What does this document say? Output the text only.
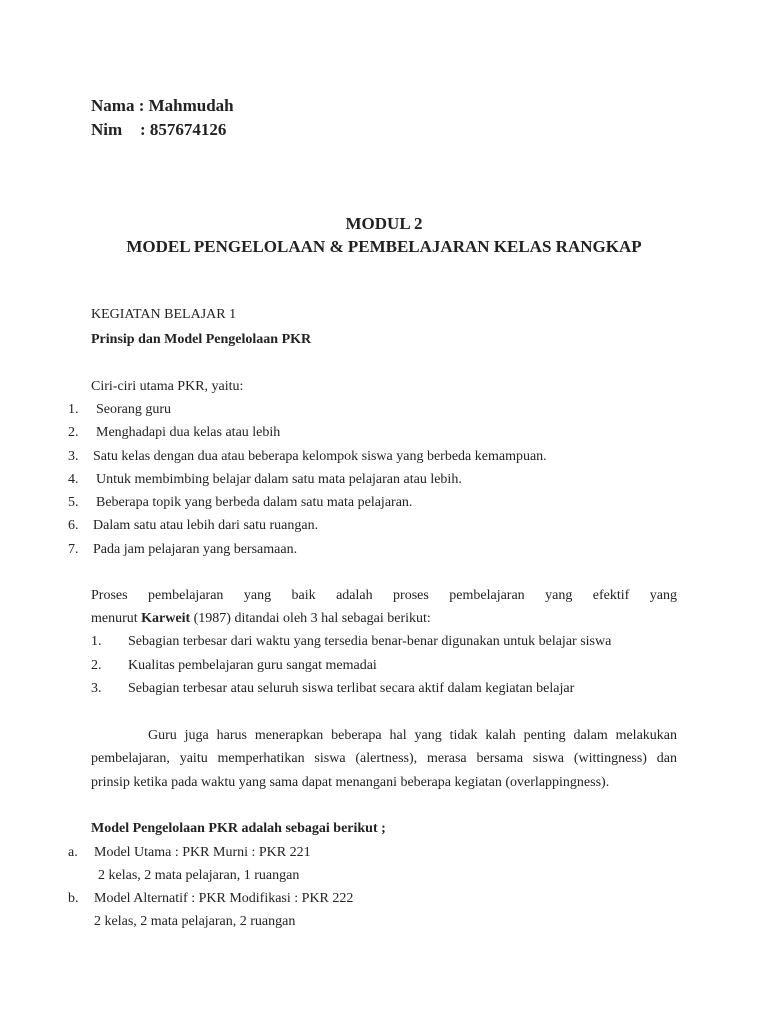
Nama : Mahmudah
Nim : 857674126
MODUL 2
MODEL PENGELOLAAN & PEMBELAJARAN KELAS RANGKAP
KEGIATAN BELAJAR 1
Prinsip dan Model Pengelolaan PKR
Ciri-ciri utama PKR, yaitu:
1. Seorang guru
2. Menghadapi dua kelas atau lebih
3. Satu kelas dengan dua atau beberapa kelompok siswa yang berbeda kemampuan.
4. Untuk membimbing belajar dalam satu mata pelajaran atau lebih.
5. Beberapa topik yang berbeda dalam satu mata pelajaran.
6. Dalam satu atau lebih dari satu ruangan.
7. Pada jam pelajaran yang bersamaan.
Proses pembelajaran yang baik adalah proses pembelajaran yang efektif yang
menurut Karweit (1987) ditandai oleh 3 hal sebagai berikut:
1. Sebagian terbesar dari waktu yang tersedia benar-benar digunakan untuk belajar siswa
2. Kualitas pembelajaran guru sangat memadai
3. Sebagian terbesar atau seluruh siswa terlibat secara aktif dalam kegiatan belajar
Guru juga harus menerapkan beberapa hal yang tidak kalah penting dalam melakukan
pembelajaran, yaitu memperhatikan siswa (alertness), merasa bersama siswa (wittingness) dan
prinsip ketika pada waktu yang sama dapat menangani beberapa kegiatan (overlappingness).
Model Pengelolaan PKR adalah sebagai berikut ;
a. Model Utama : PKR Murni : PKR 221
2 kelas, 2 mata pelajaran, 1 ruangan
b. Model Alternatif : PKR Modifikasi : PKR 222
2 kelas, 2 mata pelajaran, 2 ruangan
